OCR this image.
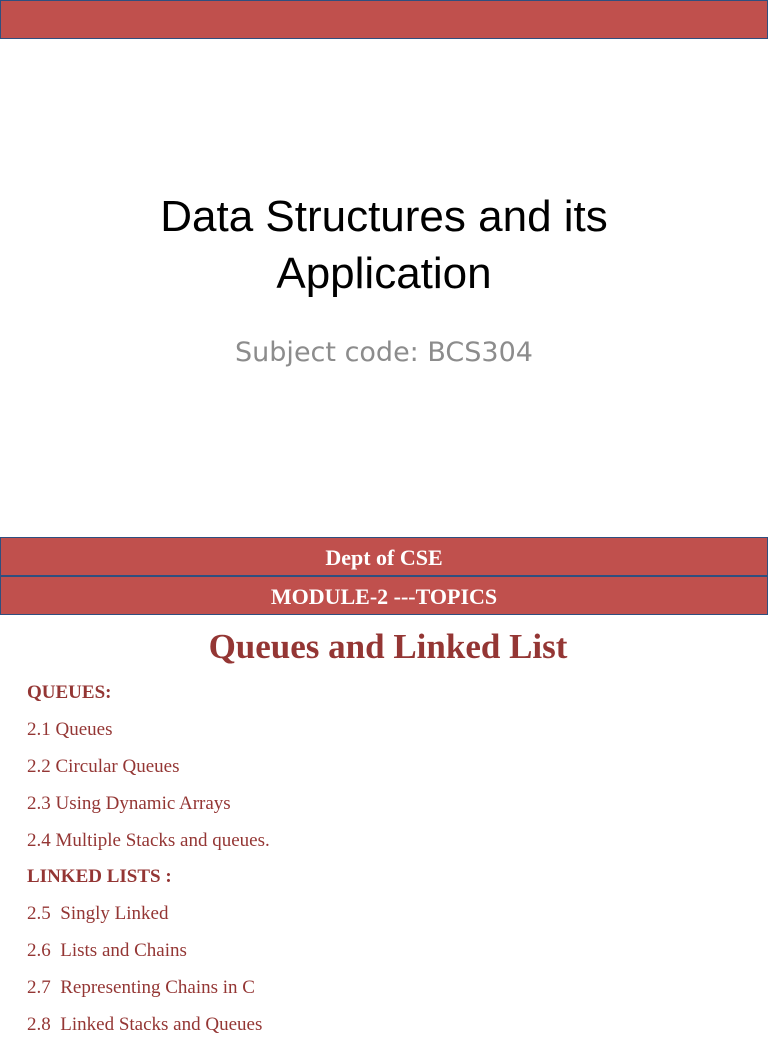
Data Structures and its
Application
Subject code: BCS304
Dept of CSE
MODULE-2 ---TOPICS
Queues and Linked List
QUEUES:
2.1 Queues
2.2 Circular Queues
2.3 Using Dynamic Arrays
2.4 Multiple Stacks and queues.
LINKED LISTS :
2.5  Singly Linked
2.6  Lists and Chains
2.7  Representing Chains in C
2.8  Linked Stacks and Queues
